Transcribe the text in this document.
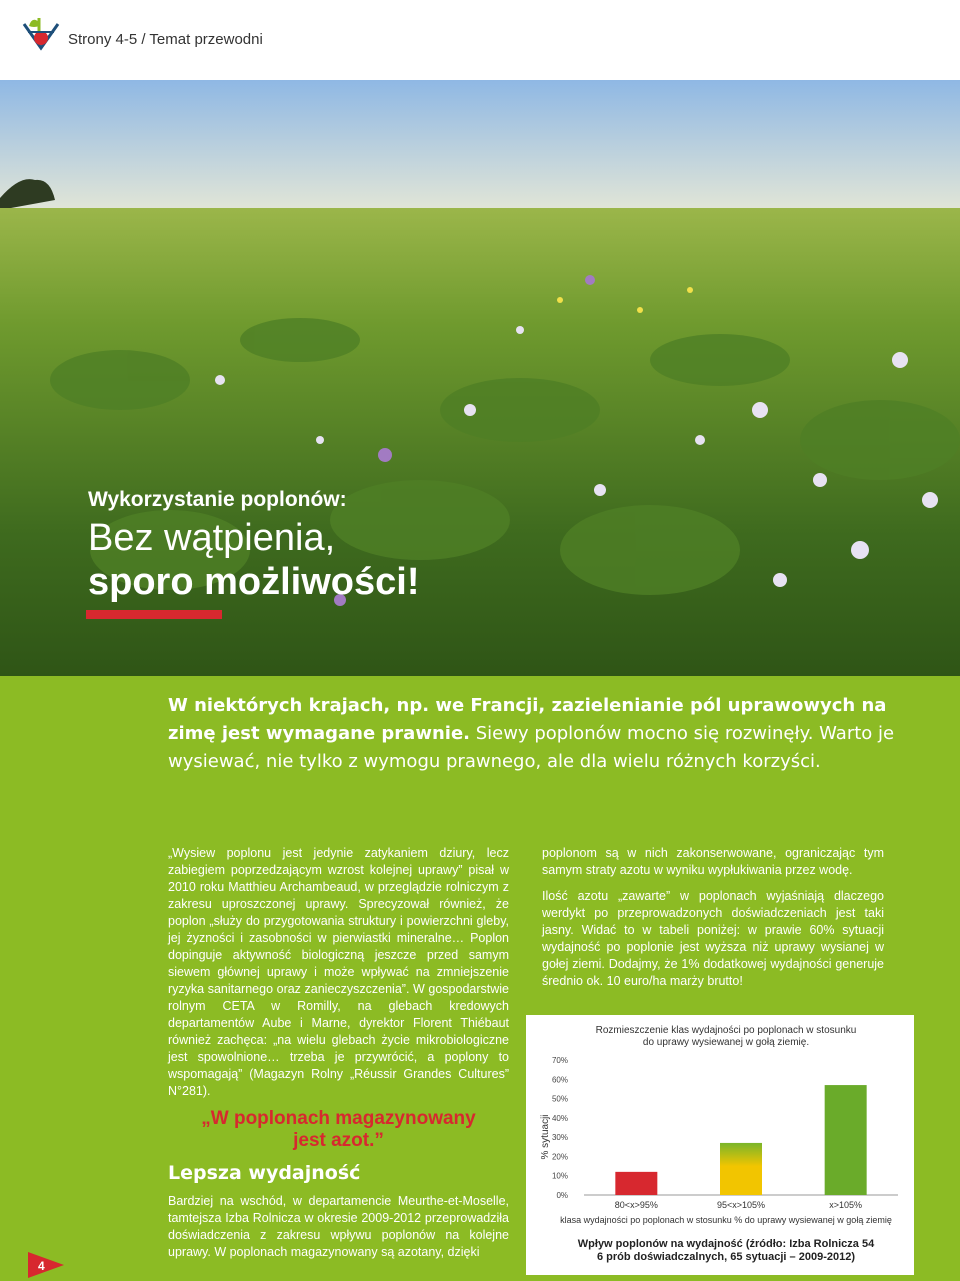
Strony 4-5 / Temat przewodni
Wykorzystanie poplonów:
Bez wątpienia,
sporo możliwości!
W niektórych krajach, np. we Francji, zazielenianie pól uprawowych na zimę jest wymagane prawnie. Siewy poplonów mocno się rozwinęły. Warto je wysiewać, nie tylko z wymogu prawnego, ale dla wielu różnych korzyści.
„Wysiew poplonu jest jedynie zatykaniem dziury, lecz zabiegiem poprzedzającym wzrost kolejnej uprawy” pisał w 2010 roku Matthieu Archambeaud, w przeglądzie rolniczym z zakresu uproszczonej uprawy. Sprecyzował również, że poplon „służy do przygotowania struktury i powierzchni gleby, jej żyzności i zasobności w pierwiastki mineralne… Poplon dopinguje aktywność biologiczną jeszcze przed samym siewem głównej uprawy i może wpływać na zmniejszenie ryzyka sanitarnego oraz zanieczyszczenia”. W gospodarstwie rolnym CETA w Romilly, na glebach kredowych departamentów Aube i Marne, dyrektor Florent Thiébaut również zachęca: „na wielu glebach życie mikrobiologiczne jest spowolnione… trzeba je przywrócić, a poplony to wspomagają” (Magazyn Rolny „Réussir Grandes Cultures” N°281).
„W poplonach magazynowany
jest azot.”
Lepsza wydajność
Bardziej na wschód, w departamencie Meurthe-et-Moselle, tamtejsza Izba Rolnicza w okresie 2009-2012 przeprowadziła doświadczenia z zakresu wpływu poplonów na kolejne uprawy. W poplonach magazynowany są azotany, dzięki

poplonom są w nich zakonserwowane, ograniczając tym samym straty azotu w wyniku wypłukiwania przez wodę.

Ilość azotu „zawarte” w poplonach wyjaśniają dlaczego werdykt po przeprowadzonych doświadczeniach jest taki jasny. Widać to w tabeli poniżej: w prawie 60% sytuacji wydajność po poplonie jest wyższa niż uprawy wysianej w gołej ziemi. Dodajmy, że 1% dodatkowej wydajności generuje średnio ok. 10 euro/ha marży brutto!

Rozmieszczenie klas wydajności po poplonach w stosunku do uprawy wysiewanej w gołą ziemię.
% sytuacji
0%
10%
20%
30%
40%
50%
60%
70%
80<x>95%	95<x>105%	x>105%
klasa wydajności po poplonach w stosunku % do uprawy wysiewanej w gołą ziemię
Wpływ poplonów na wydajność (źródło: Izba Rolnicza 54
6 prób doświadczalnych, 65 sytuacji – 2009-2012)
4
